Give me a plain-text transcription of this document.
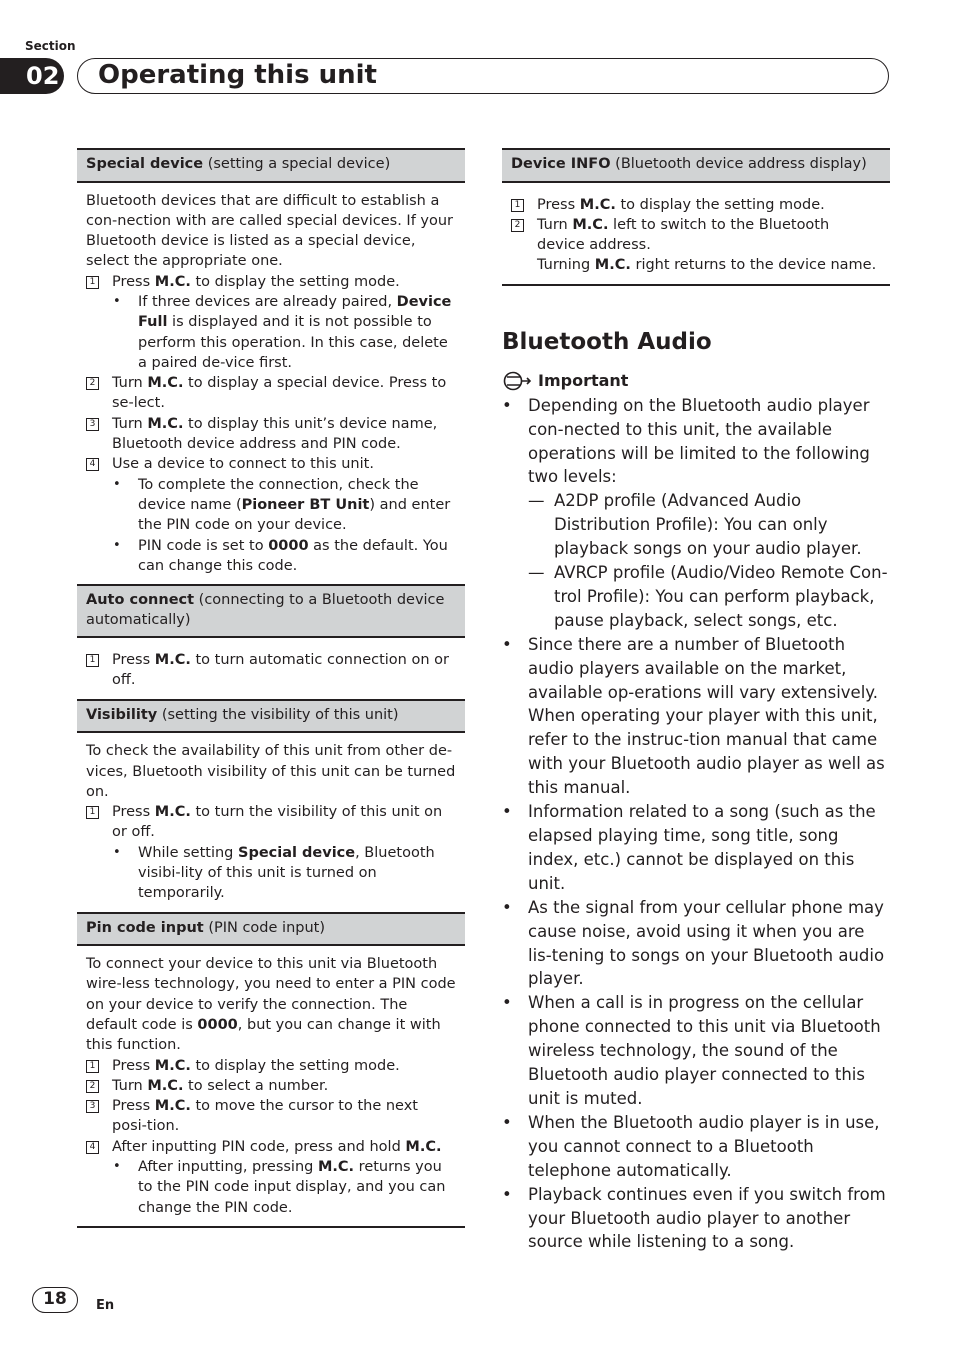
Section
02	Operating this unit
Special device (setting a special device)
Bluetooth devices that are difficult to establish a con-nection with are called special devices. If your Bluetooth device is listed as a special device, select the appropriate one.
1 Press M.C. to display the setting mode.
• If three devices are already paired, Device Full is displayed and it is not possible to perform this operation. In this case, delete a paired de-vice first.
2 Turn M.C. to display a special device. Press to se-lect.
3 Turn M.C. to display this unit’s device name, Bluetooth device address and PIN code.
4 Use a device to connect to this unit.
• To complete the connection, check the device name (Pioneer BT Unit) and enter the PIN code on your device.
• PIN code is set to 0000 as the default. You can change this code.
Auto connect (connecting to a Bluetooth device automatically)
1 Press M.C. to turn automatic connection on or off.
Visibility (setting the visibility of this unit)
To check the availability of this unit from other de-vices, Bluetooth visibility of this unit can be turned on.
1 Press M.C. to turn the visibility of this unit on or off.
• While setting Special device, Bluetooth visibi-lity of this unit is turned on temporarily.
Pin code input (PIN code input)
To connect your device to this unit via Bluetooth wire-less technology, you need to enter a PIN code on your device to verify the connection. The default code is 0000, but you can change it with this function.
1 Press M.C. to display the setting mode.
2 Turn M.C. to select a number.
3 Press M.C. to move the cursor to the next posi-tion.
4 After inputting PIN code, press and hold M.C.
• After inputting, pressing M.C. returns you to the PIN code input display, and you can change the PIN code.
Device INFO (Bluetooth device address display)
1 Press M.C. to display the setting mode.
2 Turn M.C. left to switch to the Bluetooth device address.
Turning M.C. right returns to the device name.
Bluetooth Audio
Important
• Depending on the Bluetooth audio player con-nected to this unit, the available operations will be limited to the following two levels:
— A2DP profile (Advanced Audio Distribution Profile): You can only playback songs on your audio player.
— AVRCP profile (Audio/Video Remote Con-trol Profile): You can perform playback, pause playback, select songs, etc.
• Since there are a number of Bluetooth audio players available on the market, available op-erations will vary extensively. When operating your player with this unit, refer to the instruc-tion manual that came with your Bluetooth audio player as well as this manual.
• Information related to a song (such as the elapsed playing time, song title, song index, etc.) cannot be displayed on this unit.
• As the signal from your cellular phone may cause noise, avoid using it when you are lis-tening to songs on your Bluetooth audio player.
• When a call is in progress on the cellular phone connected to this unit via Bluetooth wireless technology, the sound of the Bluetooth audio player connected to this unit is muted.
• When the Bluetooth audio player is in use, you cannot connect to a Bluetooth telephone automatically.
• Playback continues even if you switch from your Bluetooth audio player to another source while listening to a song.
18	En
